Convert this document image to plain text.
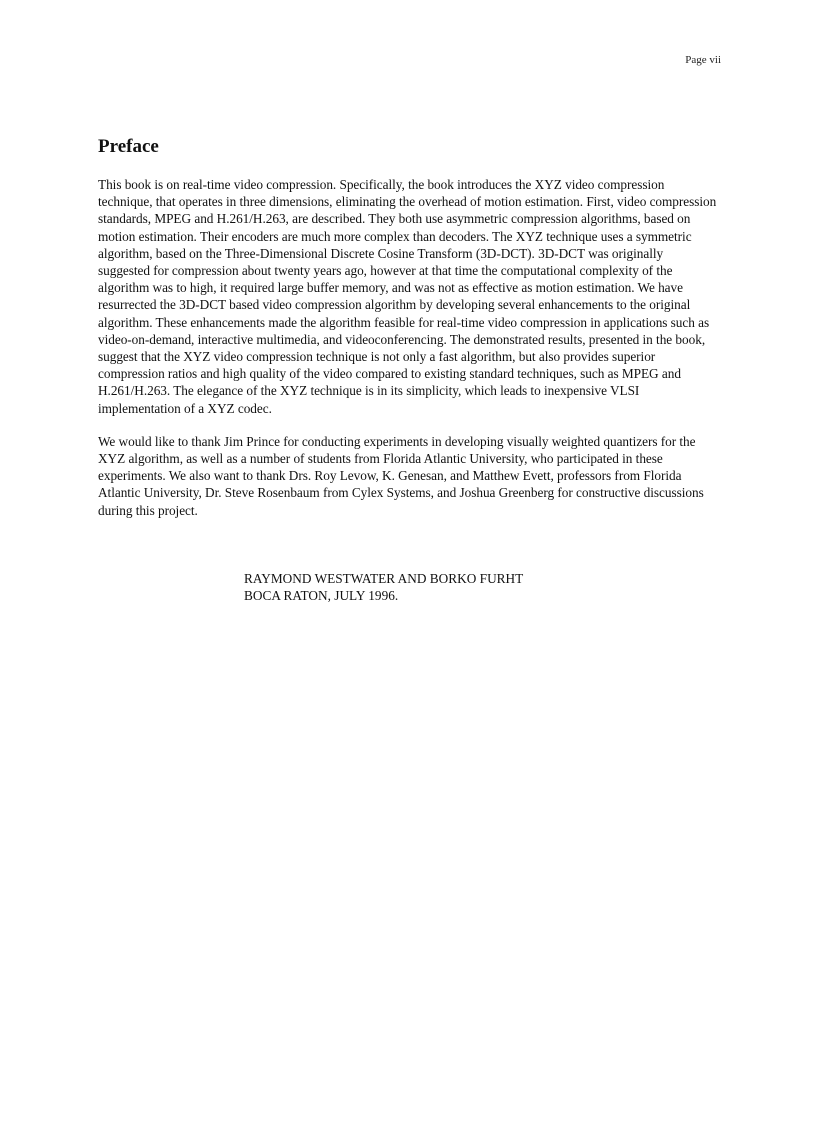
Page vii
Preface

This book is on real-time video compression. Specifically, the book introduces the XYZ video compression technique, that operates in three dimensions, eliminating the overhead of motion estimation. First, video compression standards, MPEG and H.261/H.263, are described. They both use asymmetric compression algorithms, based on motion estimation. Their encoders are much more complex than decoders. The XYZ technique uses a symmetric algorithm, based on the Three-Dimensional Discrete Cosine Transform (3D-DCT). 3D-DCT was originally suggested for compression about twenty years ago, however at that time the computational complexity of the algorithm was to high, it required large buffer memory, and was not as effective as motion estimation. We have resurrected the 3D-DCT based video compression algorithm by developing several enhancements to the original algorithm. These enhancements made the algorithm feasible for real-time video compression in applications such as video-on-demand, interactive multimedia, and videoconferencing. The demonstrated results, presented in the book, suggest that the XYZ video compression technique is not only a fast algorithm, but also provides superior compression ratios and high quality of the video compared to existing standard techniques, such as MPEG and H.261/H.263. The elegance of the XYZ technique is in its simplicity, which leads to inexpensive VLSI implementation of a XYZ codec.

We would like to thank Jim Prince for conducting experiments in developing visually weighted quantizers for the XYZ algorithm, as well as a number of students from Florida Atlantic University, who participated in these experiments. We also want to thank Drs. Roy Levow, K. Genesan, and Matthew Evett, professors from Florida Atlantic University, Dr. Steve Rosenbaum from Cylex Systems, and Joshua Greenberg for constructive discussions during this project.

RAYMOND WESTWATER AND BORKO FURHT
BOCA RATON, JULY 1996.
